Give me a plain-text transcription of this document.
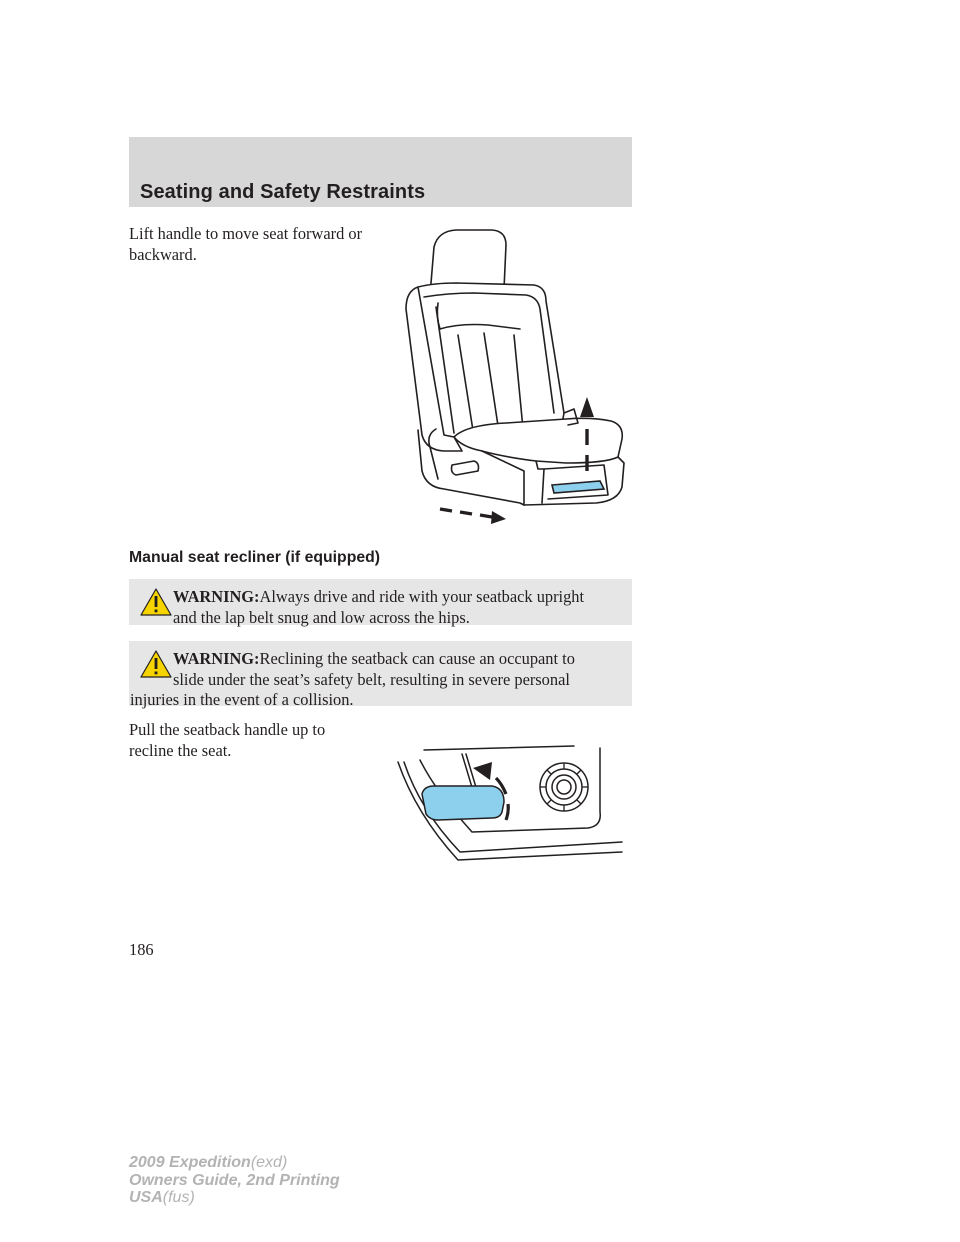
Seating and Safety Restraints

Lift handle to move seat forward or
backward.

Manual seat recliner (if equipped)
WARNING:Always drive and ride with your seatback upright
and the lap belt snug and low across the hips.
WARNING:Reclining the seatback can cause an occupant to
slide under the seat’s safety belt, resulting in severe personal
injuries in the event of a collision.

Pull the seatback handle up to
recline the seat.

186

2009 Expedition(exd)
Owners Guide, 2nd Printing
USA(fus)
